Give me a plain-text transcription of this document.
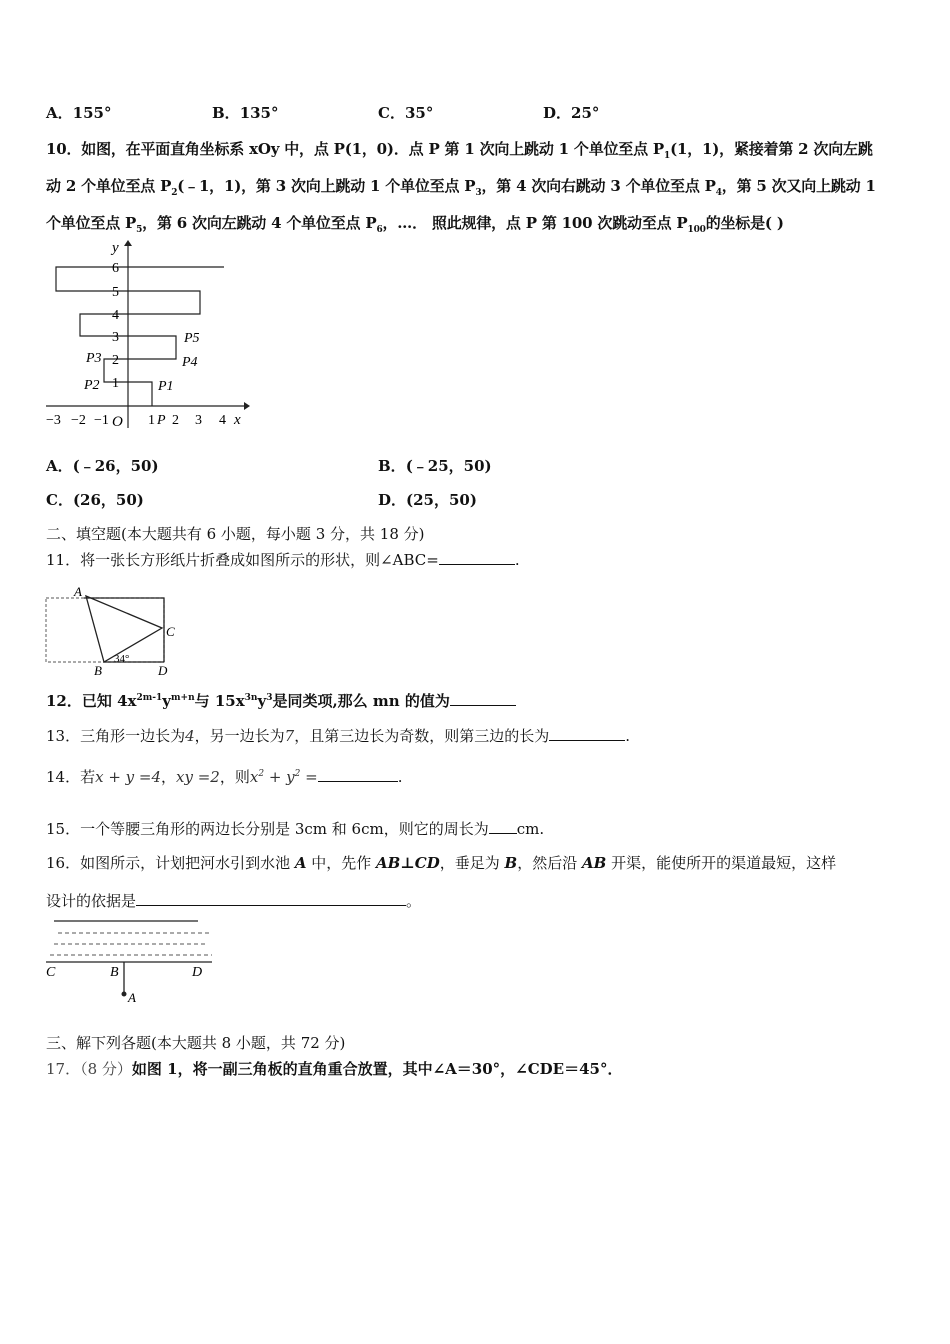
A．155°	B．135°	C．35°	D．25°
10．如图，在平面直角坐标系 xOy 中，点 P(1，0)．点 P 第 1 次向上跳动 1 个单位至点 $P_1(1$，1)，紧接着第 2 次向左跳
动 2 个单位至点 $P_2(﹣1$，1)，第 3 次向上跳动 1 个单位至点 $P_3$，第 4 次向右跳动 3 个单位至点 $P_4$，第 5 次又向上跳动 1
个单位至点 $P_5$，第 6 次向左跳动 4 个单位至点 $P_6$，…． 照此规律，点 P 第 100 次跳动至点 $P_{100}$的坐标是( )
y
x
6
5
4
3
2
1
−3 −2 −1 O 1 P 2 3 4
P5
P4
P3
P2	P1
A．(﹣26，50)	B．(﹣25，50)
C．(26，50)	D．(25，50)
二、填空题(本大题共有 6 小题，每小题 3 分，共 18 分)
11．将一张长方形纸片折叠成如图所示的形状，则∠ABC=	.
A
C
B	D
34°
12．已知 $4x^{2m-1}y^{m+n}$与 $15x^{3n}y^3$是同类项,那么 mn 的值为
13．三角形一边长为4，另一边长为7，且第三边长为奇数，则第三边的长为	.
14．若x + y =4，xy =2，则$x^2 + y^2$ =	.
15．一个等腰三角形的两边长分别是 3cm 和 6cm，则它的周长为 cm.
16．如图所示，计划把河水引到水池 A 中，先作 AB⊥CD，垂足为 B，然后沿 AB 开渠，能使所开的渠道最短，这样
设计的依据是	。
C	B	D
A
三、解下列各题(本大题共 8 小题，共 72 分)
17．（8 分）如图 1，将一副三角板的直角重合放置，其中∠A＝30°，∠CDE＝45°．
